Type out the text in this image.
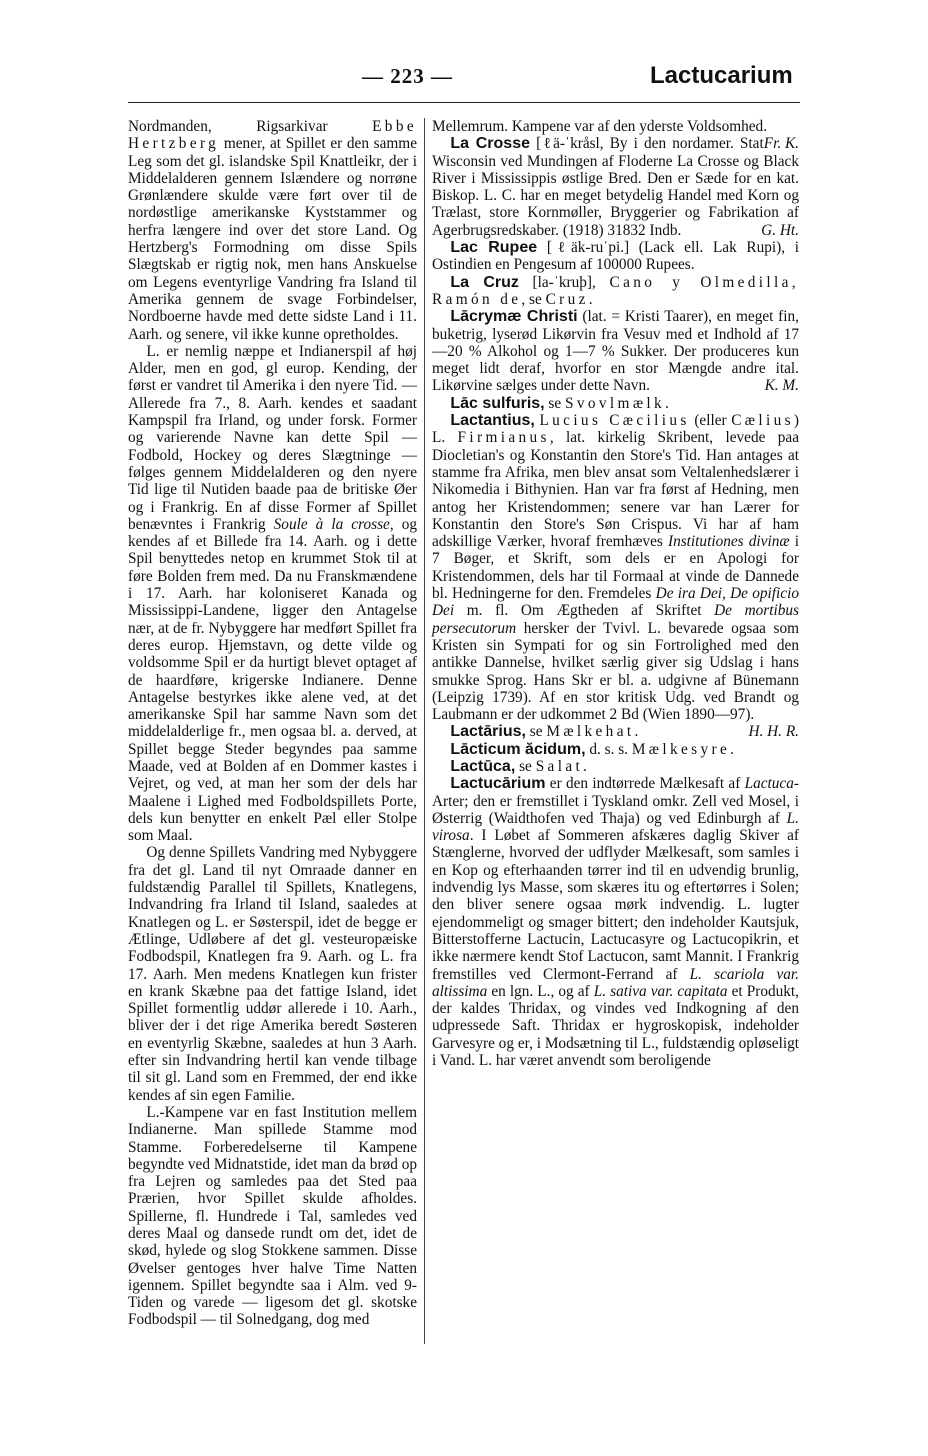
— 223 —	Lactucarium

Nordmanden, Rigsarkivar Ebbe Hertzberg mener, at Spillet er den samme Leg som det gl. islandske Spil Knattleikr, der i Middelalderen gennem Islændere og norrøne Grønlændere skulde være ført over til de nordøstlige amerikanske Kyststammer og herfra længere ind over det store Land. Og Hertzberg's Formodning om disse Spils Slægtskab er rigtig nok, men hans Anskuelse om Legens eventyrlige Vandring fra Island til Amerika gennem de svage Forbindelser, Nordboerne havde med dette sidste Land i 11. Aarh. og senere, vil ikke kunne opretholdes.

L. er nemlig næppe et Indianerspil af høj Alder, men en god, gl europ. Kending, der først er vandret til Amerika i den nyere Tid. — Allerede fra 7., 8. Aarh. kendes et saadant Kampspil fra Irland, og under forsk. Former og varierende Navne kan dette Spil — Fodbold, Hockey og deres Slægtninge — følges gennem Middelalderen og den nyere Tid lige til Nutiden baade paa de britiske Øer og i Frankrig. En af disse Former af Spillet benævntes i Frankrig Soule à la crosse, og kendes af et Billede fra 14. Aarh. og i dette Spil benyttedes netop en krummet Stok til at føre Bolden frem med. Da nu Franskmændene i 17. Aarh. har koloniseret Kanada og Mississippi-Landene, ligger den Antagelse nær, at de fr. Nybyggere har medført Spillet fra deres europ. Hjemstavn, og dette vilde og voldsomme Spil er da hurtigt blevet optaget af de haardføre, krigerske Indianere. Denne Antagelse bestyrkes ikke alene ved, at det amerikanske Spil har samme Navn som det middelalderlige fr., men ogsaa bl. a. derved, at Spillet begge Steder begyndes paa samme Maade, ved at Bolden af en Dommer kastes i Vejret, og ved, at man her som der dels har Maalene i Lighed med Fodboldspillets Porte, dels kun benytter en enkelt Pæl eller Stolpe som Maal.

Og denne Spillets Vandring med Nybyggere fra det gl. Land til nyt Omraade danner en fuldstændig Parallel til Spillets, Knatlegens, Indvandring fra Irland til Island, saaledes at Knatlegen og L. er Søsterspil, idet de begge er Ætlinge, Udløbere af det gl. vesteuropæiske Fodbodspil, Knatlegen fra 9. Aarh. og L. fra 17. Aarh. Men medens Knatlegen kun frister en krank Skæbne paa det fattige Island, idet Spillet formentlig uddør allerede i 10. Aarh., bliver der i det rige Amerika beredt Søsteren en eventyrlig Skæbne, saaledes at hun 3 Aarh. efter sin Indvandring hertil kan vende tilbage til sit gl. Land som en Fremmed, der end ikke kendes af sin egen Familie.

L.-Kampene var en fast Institution mellem Indianerne. Man spillede Stamme mod Stamme. Forberedelserne til Kampene begyndte ved Midnatstide, idet man da brød op fra Lejren og samledes paa det Sted paa Prærien, hvor Spillet skulde afholdes. Spillerne, fl. Hundrede i Tal, samledes ved deres Maal og dansede rundt om det, idet de skød, hylede og slog Stokkene sammen. Disse Øvelser gentoges hver halve Time Natten igennem. Spillet begyndte saa i Alm. ved 9-Tiden og varede — ligesom det gl. skotske Fodbodspil — til Solnedgang, dog med

Mellemrum. Kampene var af den yderste Voldsomhed.
Fr. K.

La Crosse [ℓä-ˈkråsl, By i den nordamer. Stat Wisconsin ved Mundingen af Floderne La Crosse og Black River i Mississippis østlige Bred. Den er Sæde for en kat. Biskop. L. C. har en meget betydelig Handel med Korn og Trælast, store Kornmøller, Bryggerier og Fabrikation af Agerbrugsredskaber. (1918) 31832 Indb.	G. Ht.

Lac Rupee [ℓäk-ruˈpi.] (Lack ell. Lak Rupi), i Ostindien en Pengesum af 100000 Rupees.

La Cruz [la-ˈkruþ], Cano y Olmedilla, Ramón de, se Cruz.

Lācrymæ Christi (lat. = Kristi Taarer), en meget fin, buketrig, lyserød Likørvin fra Vesuv med et Indhold af 17—20 % Alkohol og 1—7 % Sukker. Der produceres kun meget lidt deraf, hvorfor en stor Mængde andre ital. Likørvine sælges under dette Navn.	K. M.

Lāc sulfuris, se Svovlmælk.

Lactantius, Lucius Cæcilius (eller Cælius) L. Firmianus, lat. kirkelig Skribent, levede paa Diocletian's og Konstantin den Store's Tid. Han antages at stamme fra Afrika, men blev ansat som Veltalenhedslærer i Nikomedia i Bithynien. Han var fra først af Hedning, men antog her Kristendommen; senere var han Lærer for Konstantin den Store's Søn Crispus. Vi har af ham adskillige Værker, hvoraf fremhæves Institutiones divinæ i 7 Bøger, et Skrift, som dels er en Apologi for Kristendommen, dels har til Formaal at vinde de Dannede bl. Hedningerne for den. Fremdeles De ira Dei, De opificio Dei m. fl. Om Ægtheden af Skriftet De mortibus persecutorum hersker der Tvivl. L. bevarede ogsaa som Kristen sin Sympati for og sin Fortrolighed med den antikke Dannelse, hvilket særlig giver sig Udslag i hans smukke Sprog. Hans Skr er bl. a. udgivne af Bünemann (Leipzig 1739). Af en stor kritisk Udg. ved Brandt og Laubmann er der udkommet 2 Bd (Wien 1890—97).
H. H. R.

Lactārius, se Mælkehat.

Lācticum ăcidum, d. s. s. Mælkesyre.

Lactūca, se Salat.

Lactucārium er den indtørrede Mælkesaft af Lactuca-Arter; den er fremstillet i Tyskland omkr. Zell ved Mosel, i Østerrig (Waidthofen ved Thaja) og ved Edinburgh af L. virosa. I Løbet af Sommeren afskæres daglig Skiver af Stænglerne, hvorved der udflyder Mælkesaft, som samles i en Kop og efterhaanden tørrer ind til en udvendig brunlig, indvendig lys Masse, som skæres itu og eftertørres i Solen; den bliver senere ogsaa mørk indvendig. L. lugter ejendommeligt og smager bittert; den indeholder Kautsjuk, Bitterstofferne Lactucin, Lactucasyre og Lactucopikrin, et ikke nærmere kendt Stof Lactucon, samt Mannit. I Frankrig fremstilles ved Clermont-Ferrand af L. scariola var. altissima en lgn. L., og af L. sativa var. capitata et Produkt, der kaldes Thridax, og vindes ved Indkogning af den udpressede Saft. Thridax er hygroskopisk, indeholder Garvesyre og er, i Modsætning til L., fuldstændig opløseligt i Vand. L. har været anvendt som beroligende
